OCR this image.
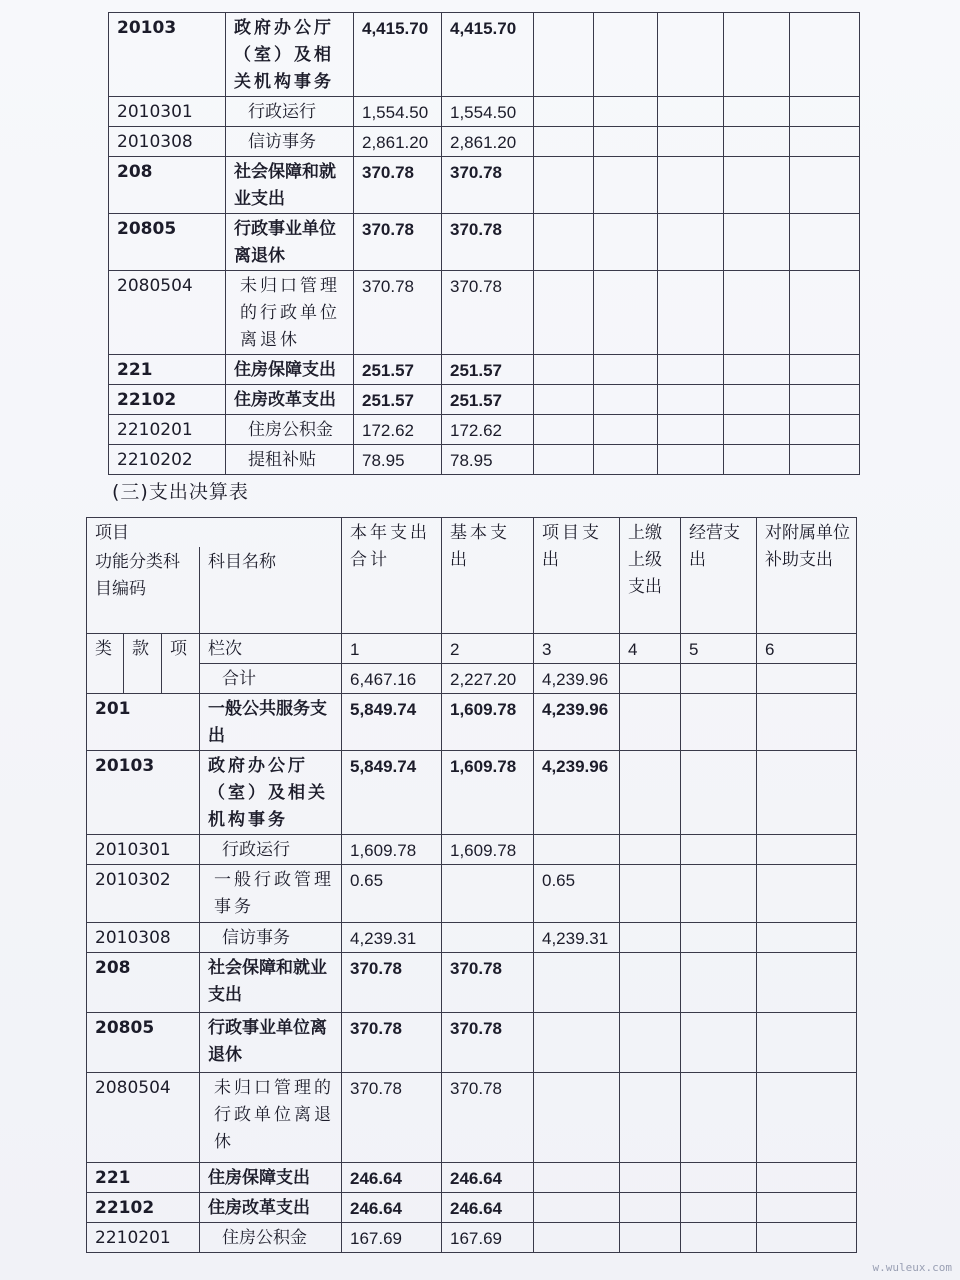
20103	政府办公厅（室）及相关机构事务	4,415.70	4,415.70					
2010301	行政运行	1,554.50	1,554.50					
2010308	信访事务	2,861.20	2,861.20					
208	社会保障和就业支出	370.78	370.78					
20805	行政事业单位离退休	370.78	370.78					
2080504	未归口管理的行政单位离退休	370.78	370.78					
221	住房保障支出	251.57	251.57					
22102	住房改革支出	251.57	251.57					
2210201	住房公积金	172.62	172.62					
2210202	提租补贴	78.95	78.95					
(三)支出决算表
项目				本年支出合计	基本支出	项目支出	上缴上级支出	经营支出	对附属单位补助支出
功能分类科目编码			科目名称						
类	款	项	栏次	1	2	3	4	5	6
			合计	6,467.16	2,227.20	4,239.96			
201			一般公共服务支出	5,849.74	1,609.78	4,239.96			
20103			政府办公厅（室）及相关机构事务	5,849.74	1,609.78	4,239.96			
2010301			行政运行	1,609.78	1,609.78				
2010302			一般行政管理事务	0.65		0.65			
2010308			信访事务	4,239.31		4,239.31			
208			社会保障和就业支出	370.78	370.78				
20805			行政事业单位离退休	370.78	370.78				
2080504			未归口管理的行政单位离退休	370.78	370.78				
221			住房保障支出	246.64	246.64				
22102			住房改革支出	246.64	246.64				
2210201			住房公积金	167.69	167.69				
w.wuleux.com
